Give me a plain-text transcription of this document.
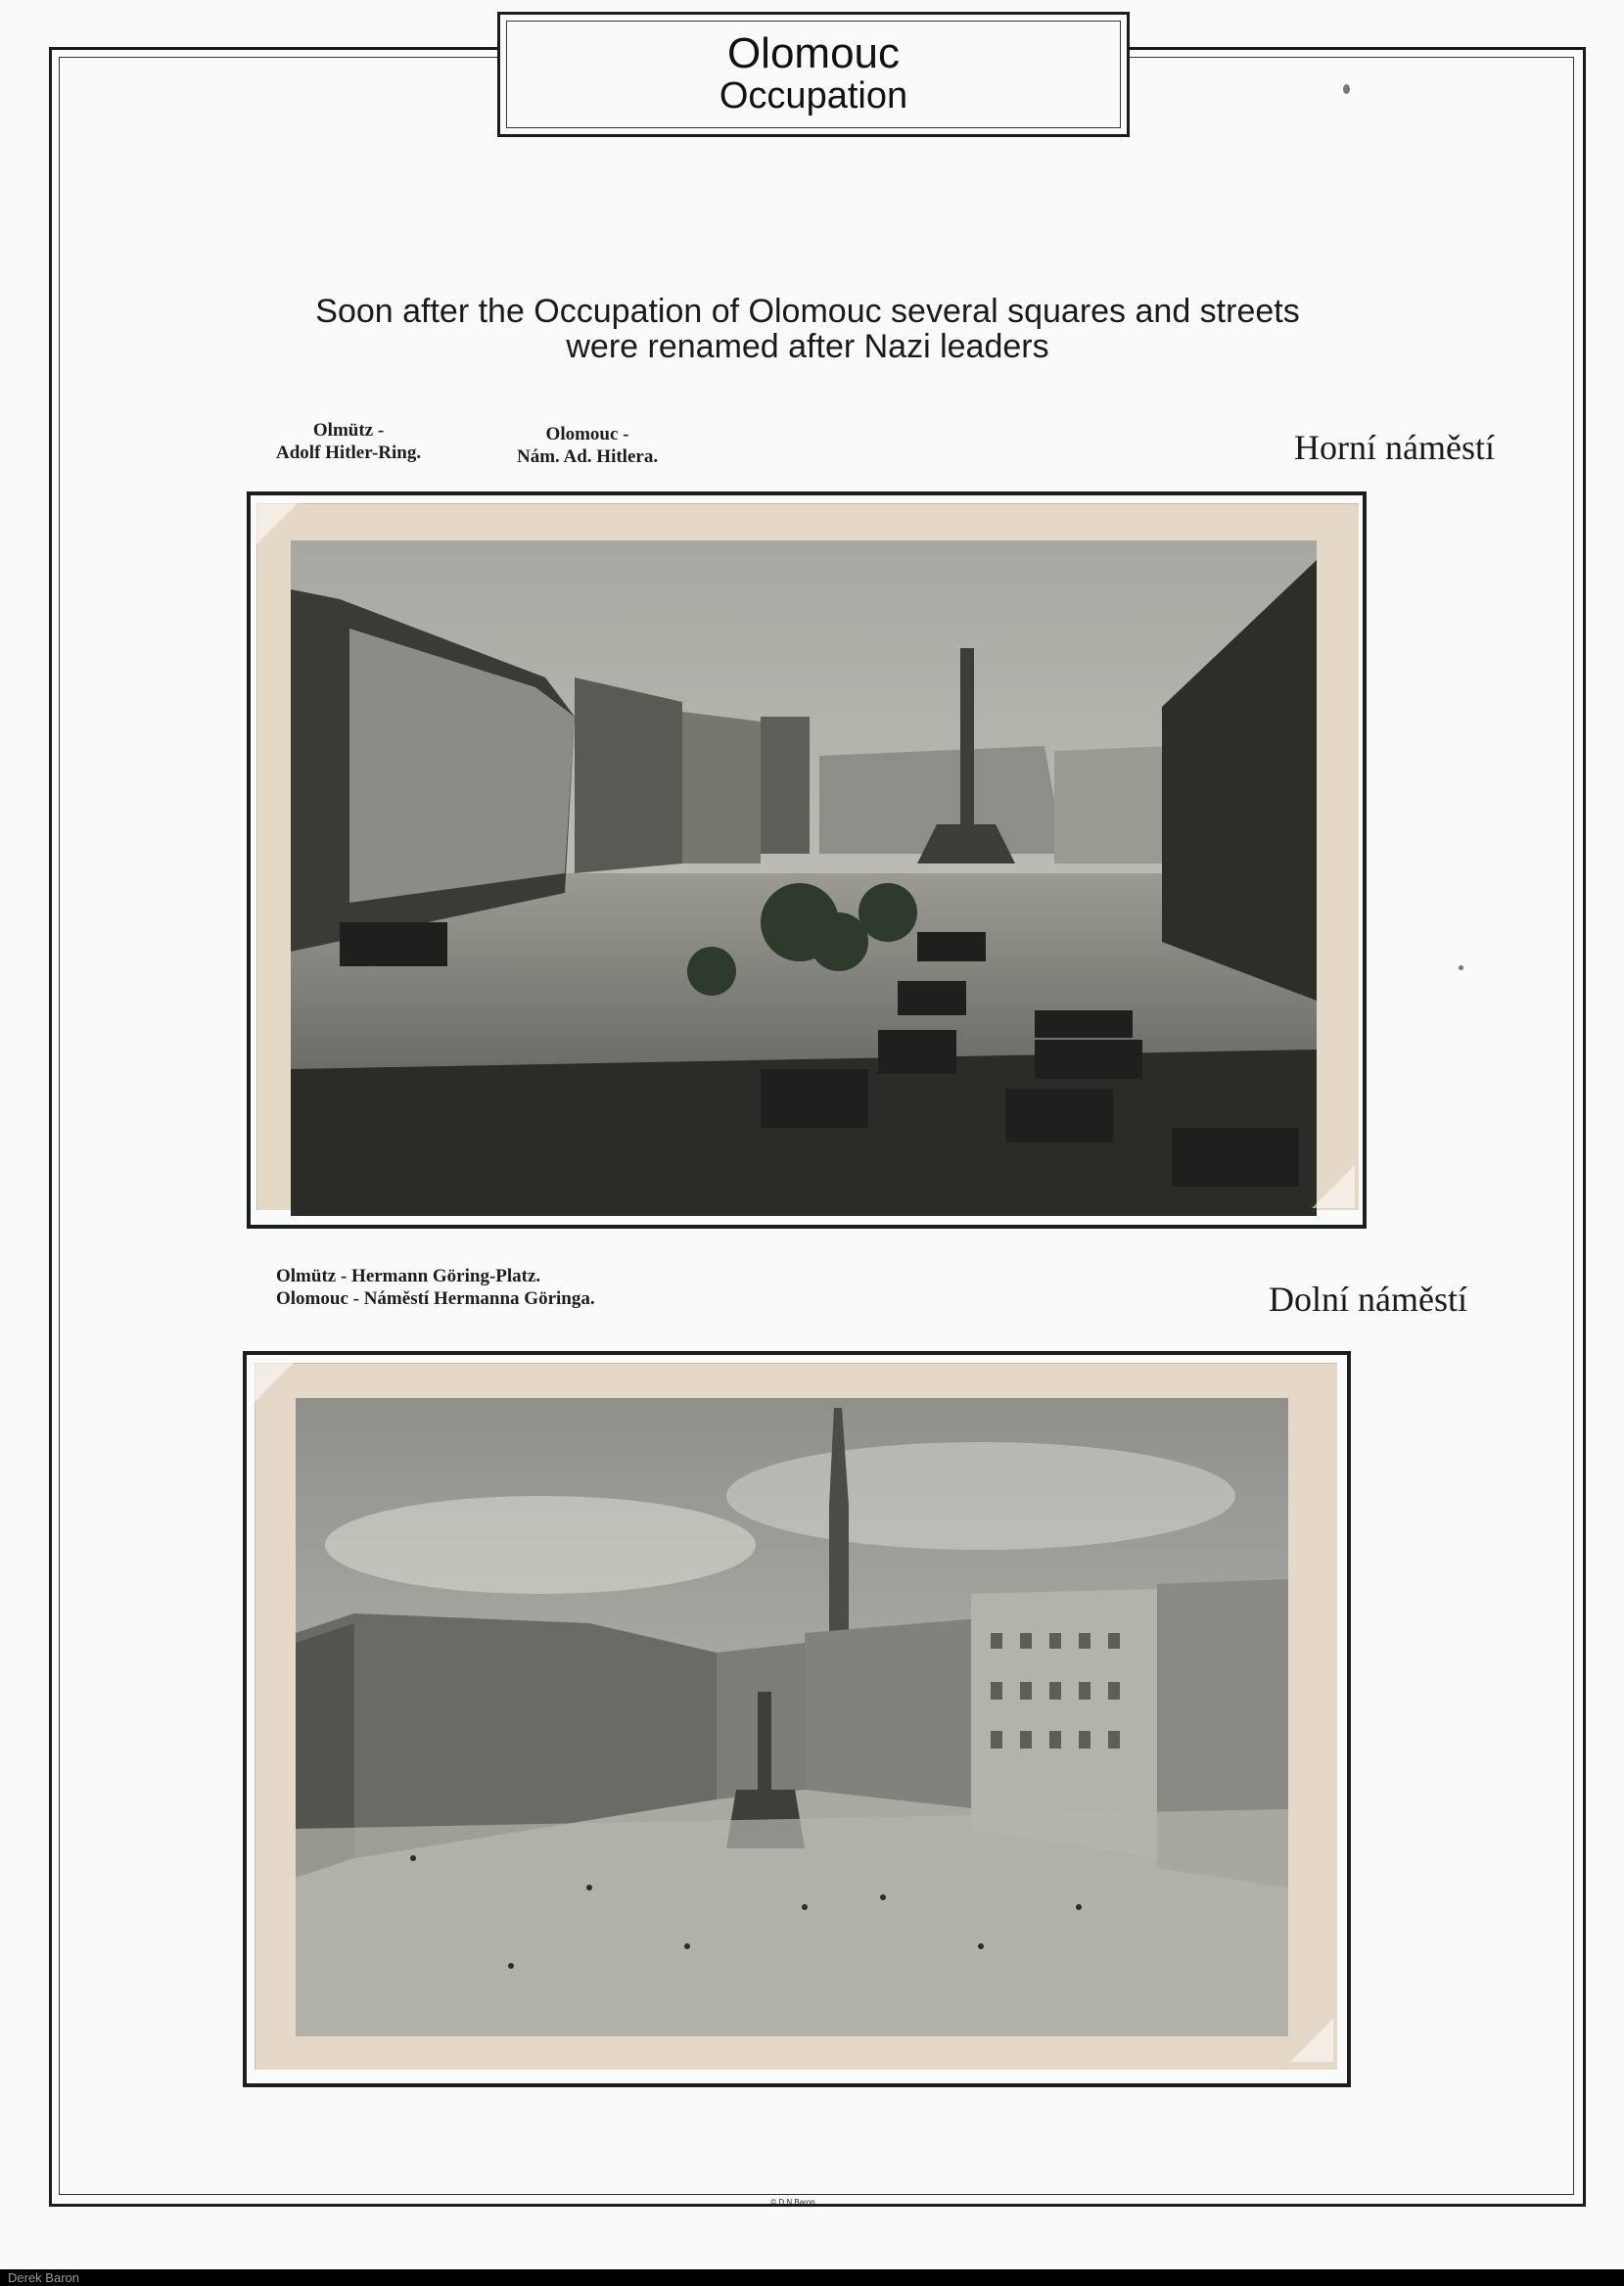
Olomouc
Occupation
Soon after the Occupation of Olomouc several squares and streets
were renamed after Nazi leaders
Olmütz -
Adolf Hitler-Ring.
Olomouc -
Nám. Ad. Hitlera.	Horní náměstí
Olmütz - Hermann Göring-Platz.
Olomouc - Náměstí Hermanna Göringa.	Dolní náměstí
© D.N.Baron
Derek Baron
